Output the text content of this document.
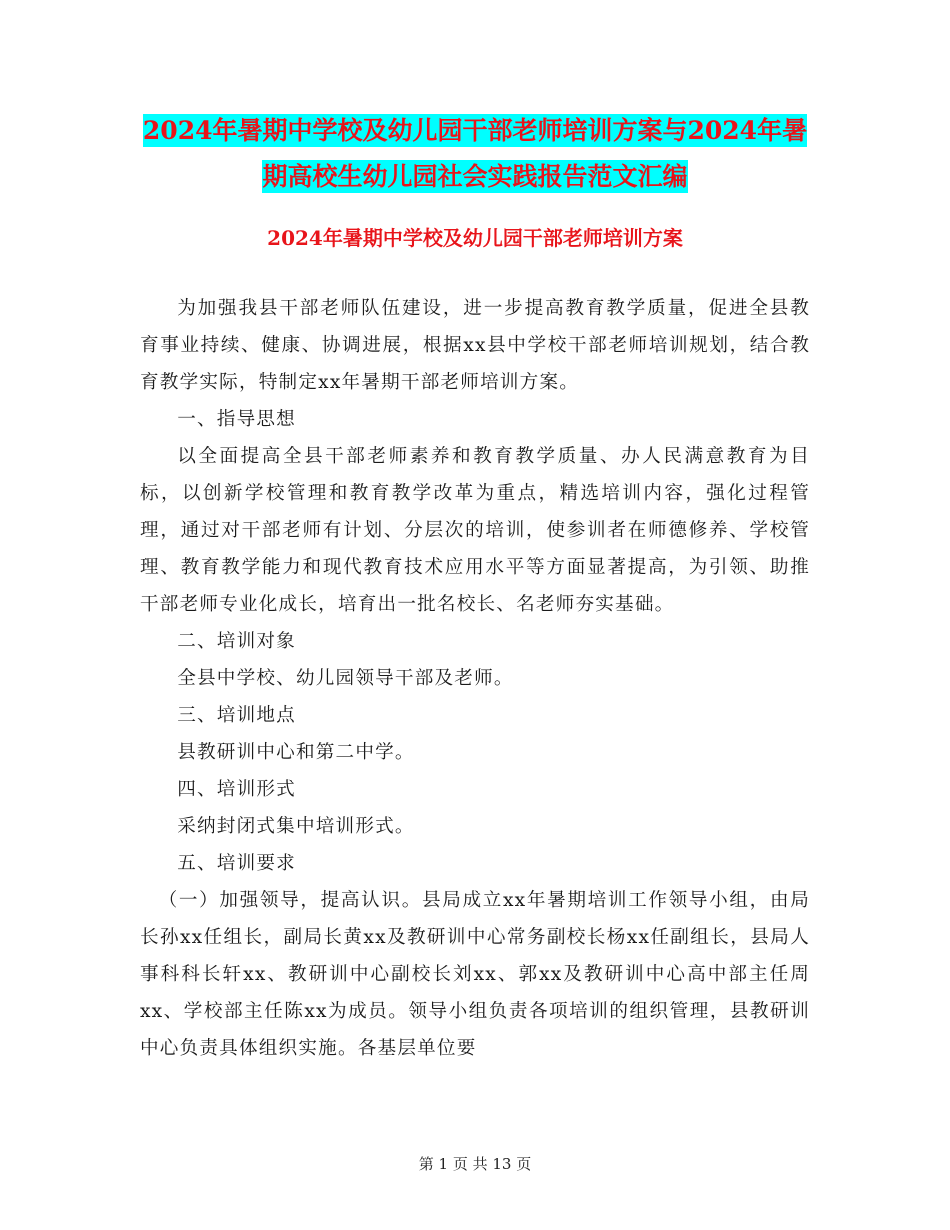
2024年暑期中学校及幼儿园干部老师培训方案与2024年暑期高校生幼儿园社会实践报告范文汇编
2024年暑期中学校及幼儿园干部老师培训方案

为加强我县干部老师队伍建设，进一步提高教育教学质量，促进全县教育事业持续、健康、协调进展，根据xx县中学校干部老师培训规划，结合教育教学实际，特制定xx年暑期干部老师培训方案。

一、指导思想

以全面提高全县干部老师素养和教育教学质量、办人民满意教育为目标，以创新学校管理和教育教学改革为重点，精选培训内容，强化过程管理，通过对干部老师有计划、分层次的培训，使参训者在师德修养、学校管理、教育教学能力和现代教育技术应用水平等方面显著提高，为引领、助推干部老师专业化成长，培育出一批名校长、名老师夯实基础。

二、培训对象

全县中学校、幼儿园领导干部及老师。

三、培训地点

县教研训中心和第二中学。

四、培训形式

采纳封闭式集中培训形式。

五、培训要求

（一）加强领导，提高认识。县局成立xx年暑期培训工作领导小组，由局长孙xx任组长，副局长黄xx及教研训中心常务副校长杨xx任副组长，县局人事科科长轩xx、教研训中心副校长刘xx、郭xx及教研训中心高中部主任周xx、学校部主任陈xx为成员。领导小组负责各项培训的组织管理，县教研训中心负责具体组织实施。各基层单位要

第 1 页 共 13 页
